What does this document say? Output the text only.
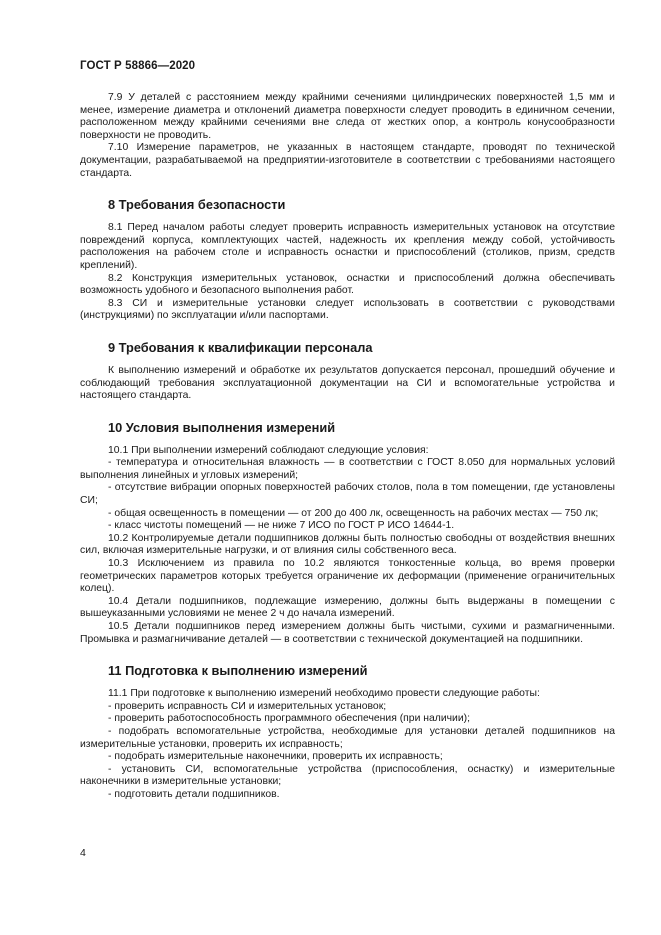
ГОСТ Р 58866—2020

7.9 У деталей с расстоянием между крайними сечениями цилиндрических поверхностей 1,5 мм и менее, измерение диаметра и отклонений диаметра поверхности следует проводить в единичном сечении, расположенном между крайними сечениями вне следа от жестких опор, а контроль конусообразности поверхности не проводить.

7.10 Измерение параметров, не указанных в настоящем стандарте, проводят по технической документации, разрабатываемой на предприятии-изготовителе в соответствии с требованиями настоящего стандарта.

8 Требования безопасности

8.1 Перед началом работы следует проверить исправность измерительных установок на отсутствие повреждений корпуса, комплектующих частей, надежность их крепления между собой, устойчивость расположения на рабочем столе и исправность оснастки и приспособлений (столиков, призм, средств креплений).

8.2 Конструкция измерительных установок, оснастки и приспособлений должна обеспечивать возможность удобного и безопасного выполнения работ.

8.3 СИ и измерительные установки следует использовать в соответствии с руководствами (инструкциями) по эксплуатации и/или паспортами.

9 Требования к квалификации персонала

К выполнению измерений и обработке их результатов допускается персонал, прошедший обучение и соблюдающий требования эксплуатационной документации на СИ и вспомогательные устройства и настоящего стандарта.

10 Условия выполнения измерений

10.1 При выполнении измерений соблюдают следующие условия:

- температура и относительная влажность — в соответствии с ГОСТ 8.050 для нормальных условий выполнения линейных и угловых измерений;

- отсутствие вибрации опорных поверхностей рабочих столов, пола в том помещении, где установлены СИ;

- общая освещенность в помещении — от 200 до 400 лк, освещенность на рабочих местах — 750 лк;

- класс чистоты помещений — не ниже 7 ИСО по ГОСТ Р ИСО 14644-1.

10.2 Контролируемые детали подшипников должны быть полностью свободны от воздействия внешних сил, включая измерительные нагрузки, и от влияния силы собственного веса.

10.3 Исключением из правила по 10.2 являются тонкостенные кольца, во время проверки геометрических параметров которых требуется ограничение их деформации (применение ограничительных колец).

10.4 Детали подшипников, подлежащие измерению, должны быть выдержаны в помещении с вышеуказанными условиями не менее 2 ч до начала измерений.

10.5 Детали подшипников перед измерением должны быть чистыми, сухими и размагниченными. Промывка и размагничивание деталей — в соответствии с технической документацией на подшипники.

11 Подготовка к выполнению измерений

11.1 При подготовке к выполнению измерений необходимо провести следующие работы:

- проверить исправность СИ и измерительных установок;

- проверить работоспособность программного обеспечения (при наличии);

- подобрать вспомогательные устройства, необходимые для установки деталей подшипников на измерительные установки, проверить их исправность;

- подобрать измерительные наконечники, проверить их исправность;

- установить СИ, вспомогательные устройства (приспособления, оснастку) и измерительные наконечники в измерительные установки;

- подготовить детали подшипников.

4
